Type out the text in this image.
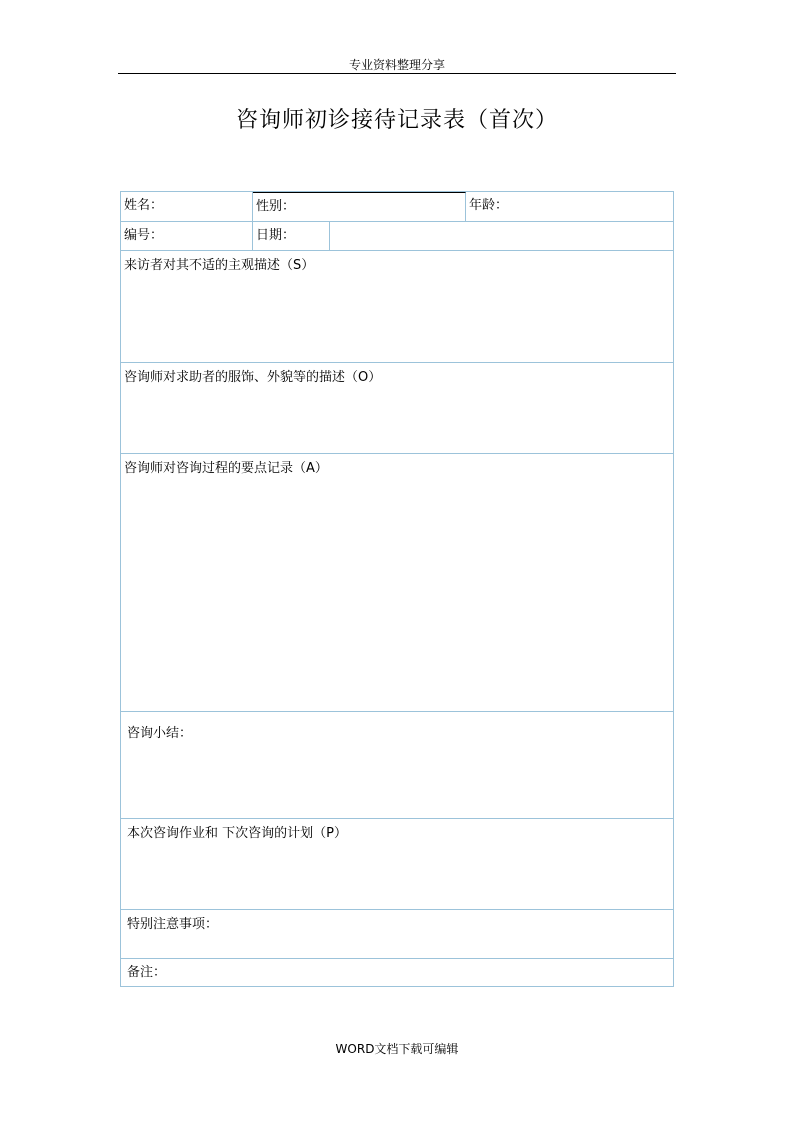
专业资料整理分享
咨询师初诊接待记录表（首次）
姓名：	性别：	年龄：
编号：	日期：
来访者对其不适的主观描述（S）
咨询师对求助者的服饰、外貌等的描述（O）
咨询师对咨询过程的要点记录（A）
咨询小结：
本次咨询作业和 下次咨询的计划（P）
特别注意事项：
备注：
WORD文档下载可编辑
